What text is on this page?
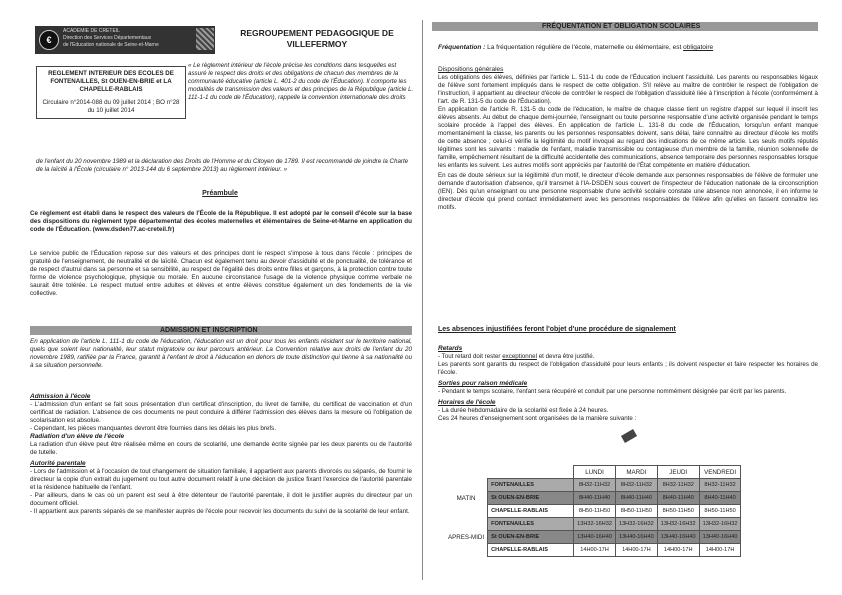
€
ACADÉMIE DE CRÉTEIL
Direction des Services Départementaux
de l'Éducation nationale de Seine-et-Marne
REGROUPEMENT PEDAGOGIQUE DE
VILLEFERMOY
REGLEMENT INTERIEUR DES ECOLES DE
FONTENAILLES, St OUEN-EN-BRIE et LA CHAPELLE-RABLAIS
Circulaire n°2014-088 du 09 juillet 2014 ; BO n°28 du 10 juillet 2014
« Le règlement intérieur de l'école précise les conditions dans lesquelles est assuré le respect des droits et des obligations de chacun des membres de la communauté éducative (article L. 401-2 du code de l'Éducation). Il comporte les modalités de transmission des valeurs et des principes de la République (article L. 111-1-1 du code de l'Éducation), rappelle la convention internationale des droits
de l'enfant du 20 novembre 1989 et la déclaration des Droits de l'Homme et du Citoyen de 1789. Il est recommandé de joindre la Charte de la laïcité à l'École (circulaire n° 2013-144 du 6 septembre 2013) au règlement intérieur. »
Préambule
Ce règlement est établi dans le respect des valeurs de l'École de la République. Il est adopté par le conseil d'école sur la base des dispositions du règlement type départemental des écoles maternelles et élémentaires de Seine-et-Marne en application du code de l'Éducation. (www.dsden77.ac-creteil.fr)
Le service public de l'Éducation repose sur des valeurs et des principes dont le respect s'impose à tous dans l'école : principes de gratuité de l'enseignement, de neutralité et de laïcité. Chacun est également tenu au devoir d'assiduité et de ponctualité, de tolérance et de respect d'autrui dans sa personne et sa sensibilité, au respect de l'égalité des droits entre filles et garçons, à la protection contre toute forme de violence psychologique, physique ou morale. En aucune circonstance l'usage de la violence physique comme verbale ne saurait être tolérée. Le respect mutuel entre adultes et élèves et entre élèves constitue également un des fondements de la vie collective.
ADMISSION ET INSCRIPTION
En application de l'article L. 111-1 du code de l'éducation, l'éducation est un droit pour tous les enfants résidant sur le territoire national, quels que soient leur nationalité, leur statut migratoire ou leur parcours antérieur. La Convention relative aux droits de l'enfant du 20 novembre 1989, ratifiée par la France, garantit à l'enfant le droit à l'éducation en dehors de toute distinction qui tienne à sa nationalité ou à sa situation personnelle.
Admission à l'école
- L'admission d'un enfant se fait sous présentation d'un certificat d'inscription, du livret de famille, du certificat de vaccination et d'un certificat de radiation. L'absence de ces documents ne peut conduire à différer l'admission des élèves dans la mesure où l'obligation de scolarisation est absolue.
- Cependant, les pièces manquantes devront être fournies dans les délais les plus brefs.
Radiation d'un élève de l'école
La radiation d'un élève peut être réalisée même en cours de scolarité, une demande écrite signée par les deux parents ou de l'autorité de tutelle.
Autorité parentale
- Lors de l'admission et à l'occasion de tout changement de situation familiale, il appartient aux parents divorcés ou séparés, de fournir le directeur la copie d'un extrait du jugement ou tout autre document relatif à une décision de justice fixant l'exercice de l'autorité parentale et la résidence habituelle de l'enfant.
- Par ailleurs, dans le cas où un parent est seul à être détenteur de l'autorité parentale, il doit le justifier auprès du directeur par un document officiel.
- Il appartient aux parents séparés de se manifester auprès de l'école pour recevoir les documents du suivi de la scolarité de leur enfant.
FRÉQUENTATION ET OBLIGATION SCOLAIRES
Fréquentation : La fréquentation régulière de l'école, maternelle ou élémentaire, est obligatoire
Dispositions générales
Les obligations des élèves, définies par l'article L. 511-1 du code de l'Éducation incluent l'assiduité. Les parents ou responsables légaux de l'élève sont fortement impliqués dans le respect de cette obligation. S'il relève au maître de contrôler le respect de l'obligation de l'instruction, il appartient au directeur d'école de contrôler le respect de l'obligation d'assiduité liée à l'inscription à l'école (conformément à l'art. de R. 131-5 du code de l'Éducation).
En application de l'article R. 131-5 du code de l'éducation, le maître de chaque classe tient un registre d'appel sur lequel il inscrit les élèves absents. Au début de chaque demi-journée, l'enseignant ou toute personne responsable d'une activité organisée pendant le temps scolaire procède à l'appel des élèves. En application de l'article L. 131-8 du code de l'Éducation, lorsqu'un enfant manque momentanément la classe, les parents ou les personnes responsables doivent, sans délai, faire connaître au directeur d'école les motifs de cette absence ; celui-ci vérifie la légitimité du motif invoqué au regard des indications de ce même article. Les seuls motifs réputés légitimes sont les suivants : maladie de l'enfant, maladie transmissible ou contagieuse d'un membre de la famille, réunion solennelle de famille, empêchement résultant de la difficulté accidentelle des communications, absence temporaire des personnes responsables lorsque les enfants les suivent. Les autres motifs sont appréciés par l'autorité de l'État compétente en matière d'éducation.
En cas de doute sérieux sur la légitimité d'un motif, le directeur d'école demande aux personnes responsables de l'élève de formuler une demande d'autorisation d'absence, qu'il transmet à l'IA-DSDEN sous couvert de l'inspecteur de l'éducation nationale de la circonscription (IEN). Dès qu'un enseignant ou une personne responsable d'une activité scolaire constate une absence non annoncée, il en informe le directeur d'école qui prend contact immédiatement avec les personnes responsables de l'élève afin qu'elles en fassent connaître les motifs.
Les absences injustifiées feront l'objet d'une procédure de signalement
Retards
- Tout retard doit rester exceptionnel et devra être justifié.
Les parents sont garants du respect de l'obligation d'assiduité pour leurs enfants ; ils doivent respecter et faire respecter les horaires de l'école.
Sorties pour raison médicale
- Pendant le temps scolaire, l'enfant sera récupéré et conduit par une personne nommément désignée par écrit par les parents.
Horaires de l'école
- La durée hebdomadaire de la scolarité est fixée à 24 heures.
Ces 24 heures d'enseignement sont organisées de la manière suivante :
		LUNDI	MARDI	JEUDI	VENDREDI
MATIN	FONTENAILLES	8H32-11H32	8H32-11H32	8H32-11H32	8H32-11H32
	St OUEN-EN-BRIE	8H40-11H40	8H40-11H40	8H40-11H40	8H40-11H40
	CHAPELLE-RABLAIS	8H50-11H50	8H50-11H50	8H50-11H50	8H50-11H50
APRES-MIDI	FONTENAILLES	13H32-16H32	13H32-16H32	13H32-16H32	13H32-16H32
	St OUEN-EN-BRIE	13H40-16H40	13H40-16H40	13H40-16H40	13H40-16H40
	CHAPELLE-RABLAIS	14H00-17H	14H00-17H	14H00-17H	14H00-17H
